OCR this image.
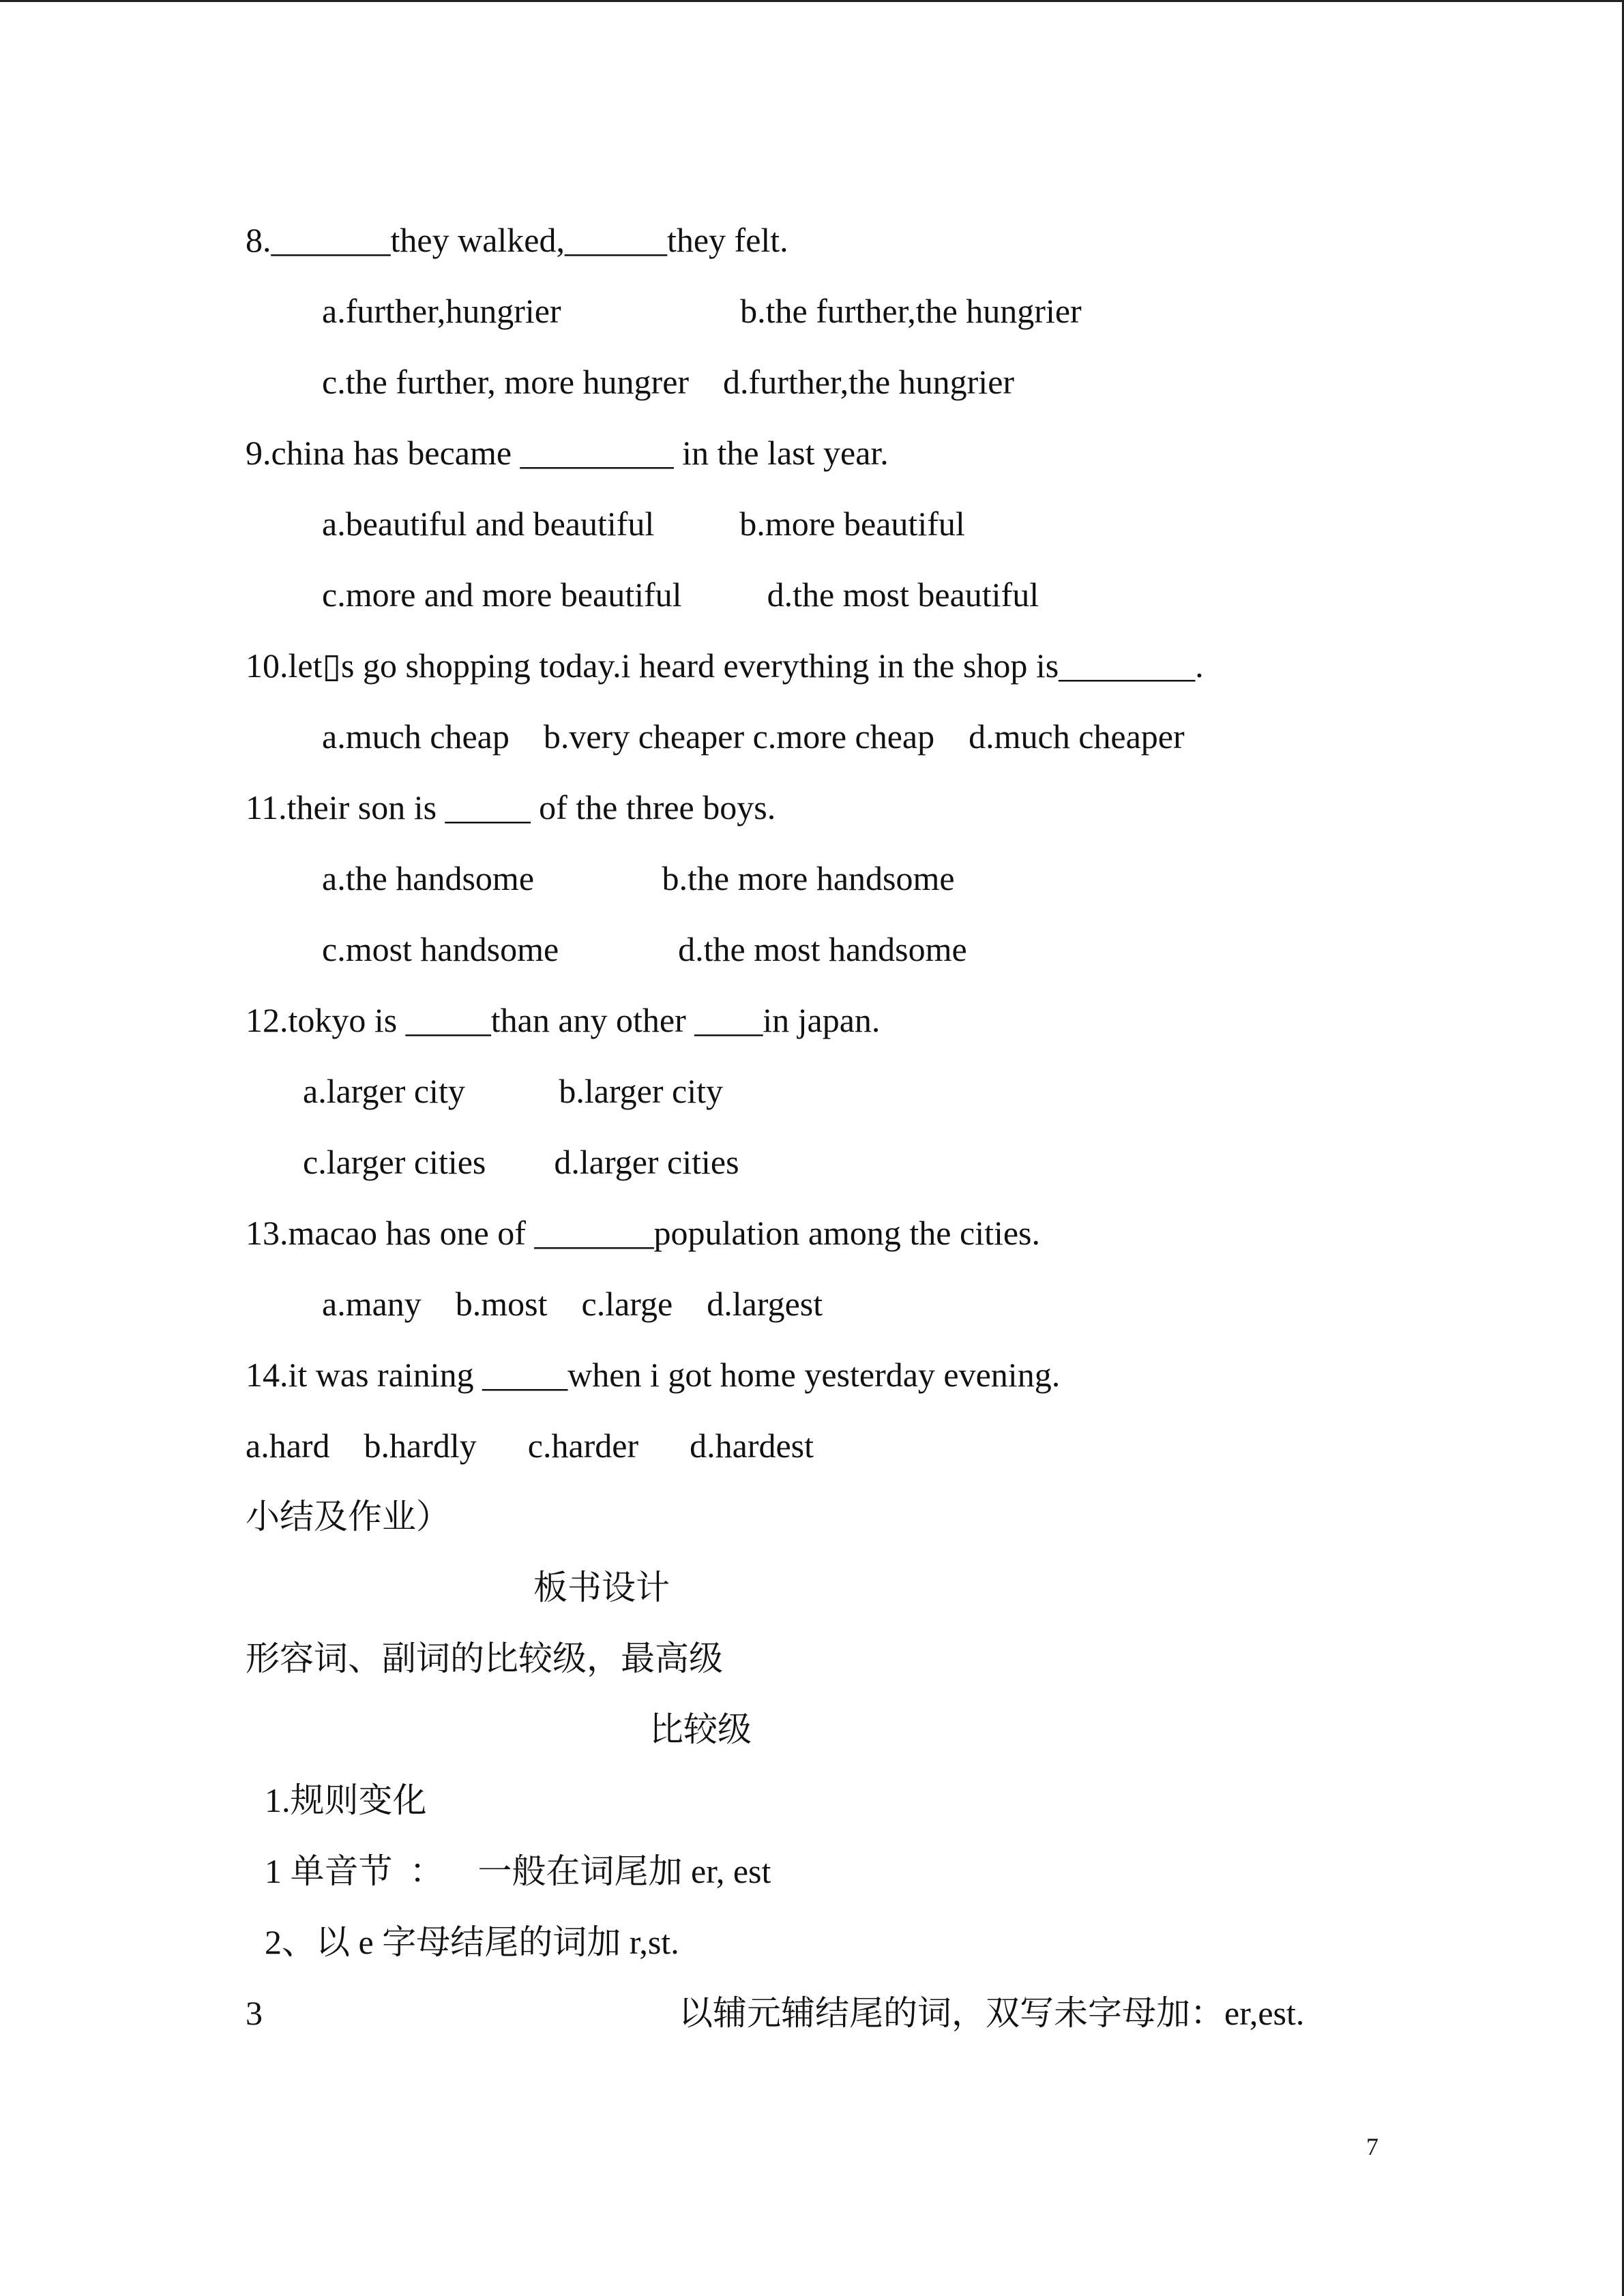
8._______they walked,______they felt.

a.further,hungrier                     b.the further,the hungrier

c.the further, more hungrer    d.further,the hungrier

9.china has became _________ in the last year.

a.beautiful and beautiful          b.more beautiful

c.more and more beautiful          d.the most beautiful

10.let▯s go shopping today.i heard everything in the shop is________.

a.much cheap    b.very cheaper c.more cheap    d.much cheaper

11.their son is _____ of the three boys.

a.the handsome               b.the more handsome

c.most handsome              d.the most handsome

12.tokyo is _____than any other ____in japan.

a.larger city           b.larger city

c.larger cities        d.larger cities

13.macao has one of _______population among the cities.

a.many    b.most    c.large    d.largest

14.it was raining _____when i got home yesterday evening.

a.hard    b.hardly      c.harder      d.hardest

小结及作业）

板书设计

形容词、副词的比较级，最高级

比较级

1.规则变化

1 单音节  ：    一般在词尾加 er, est

2、以 e 字母结尾的词加 r,st.

3	以辅元辅结尾的词，双写未字母加：er,est.

7
